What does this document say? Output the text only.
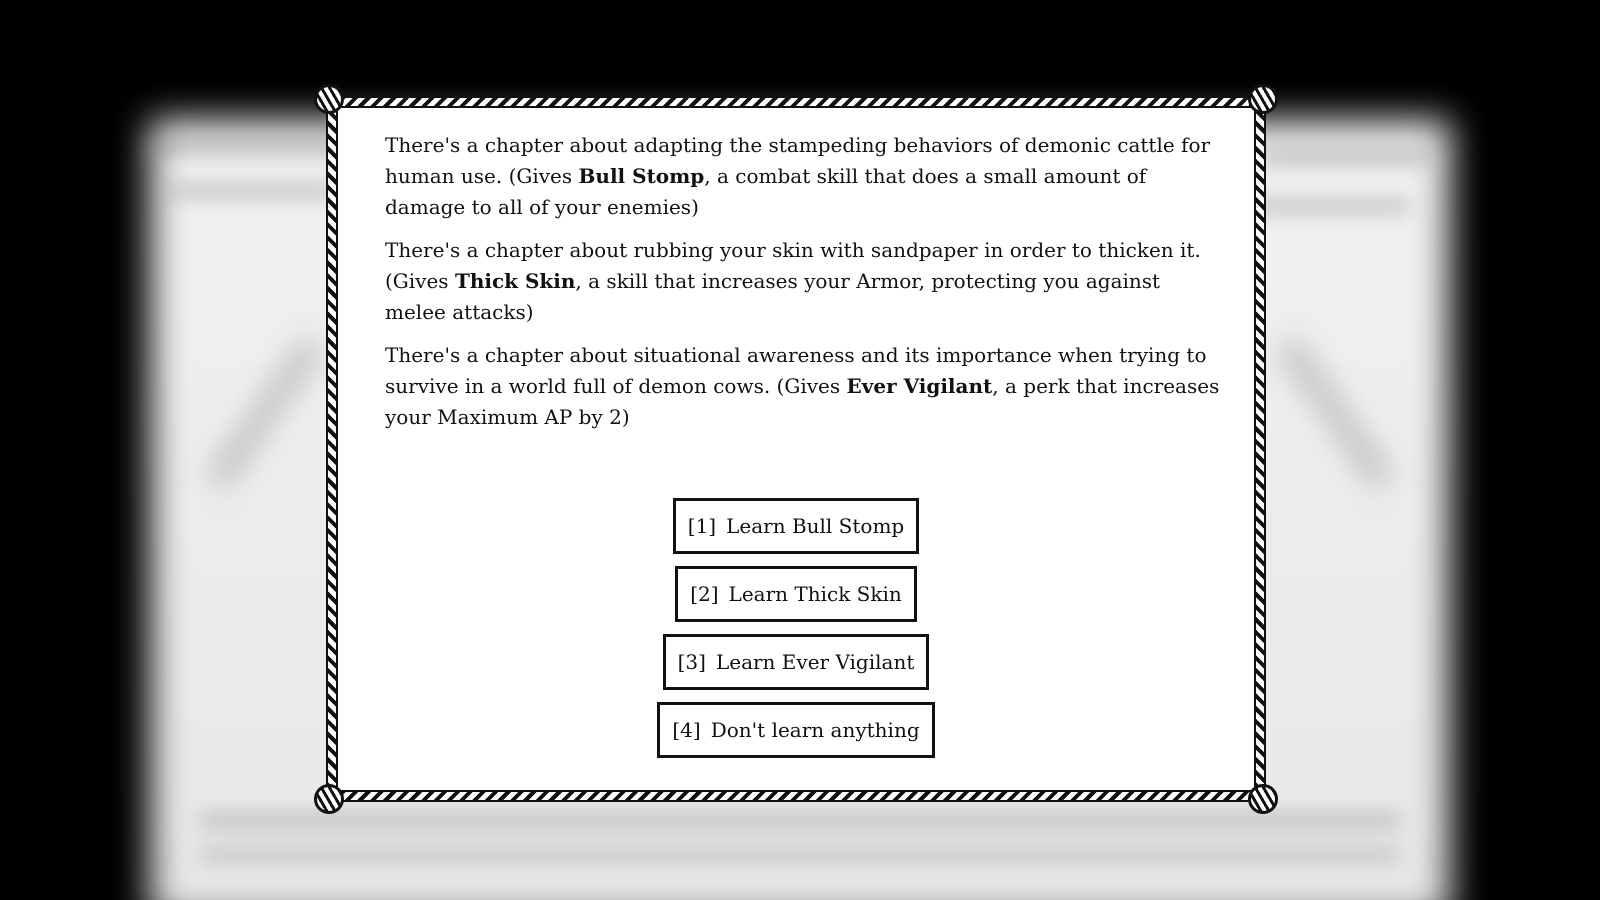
There's a chapter about adapting the stampeding behaviors of demonic cattle for human use. (Gives Bull Stomp, a combat skill that does a small amount of damage to all of your enemies)

There's a chapter about rubbing your skin with sandpaper in order to thicken it. (Gives Thick Skin, a skill that increases your Armor, protecting you against melee attacks)

There's a chapter about situational awareness and its importance when trying to survive in a world full of demon cows. (Gives Ever Vigilant, a perk that increases your Maximum AP by 2)

[1] Learn Bull Stomp
[2] Learn Thick Skin
[3] Learn Ever Vigilant
[4] Don't learn anything
